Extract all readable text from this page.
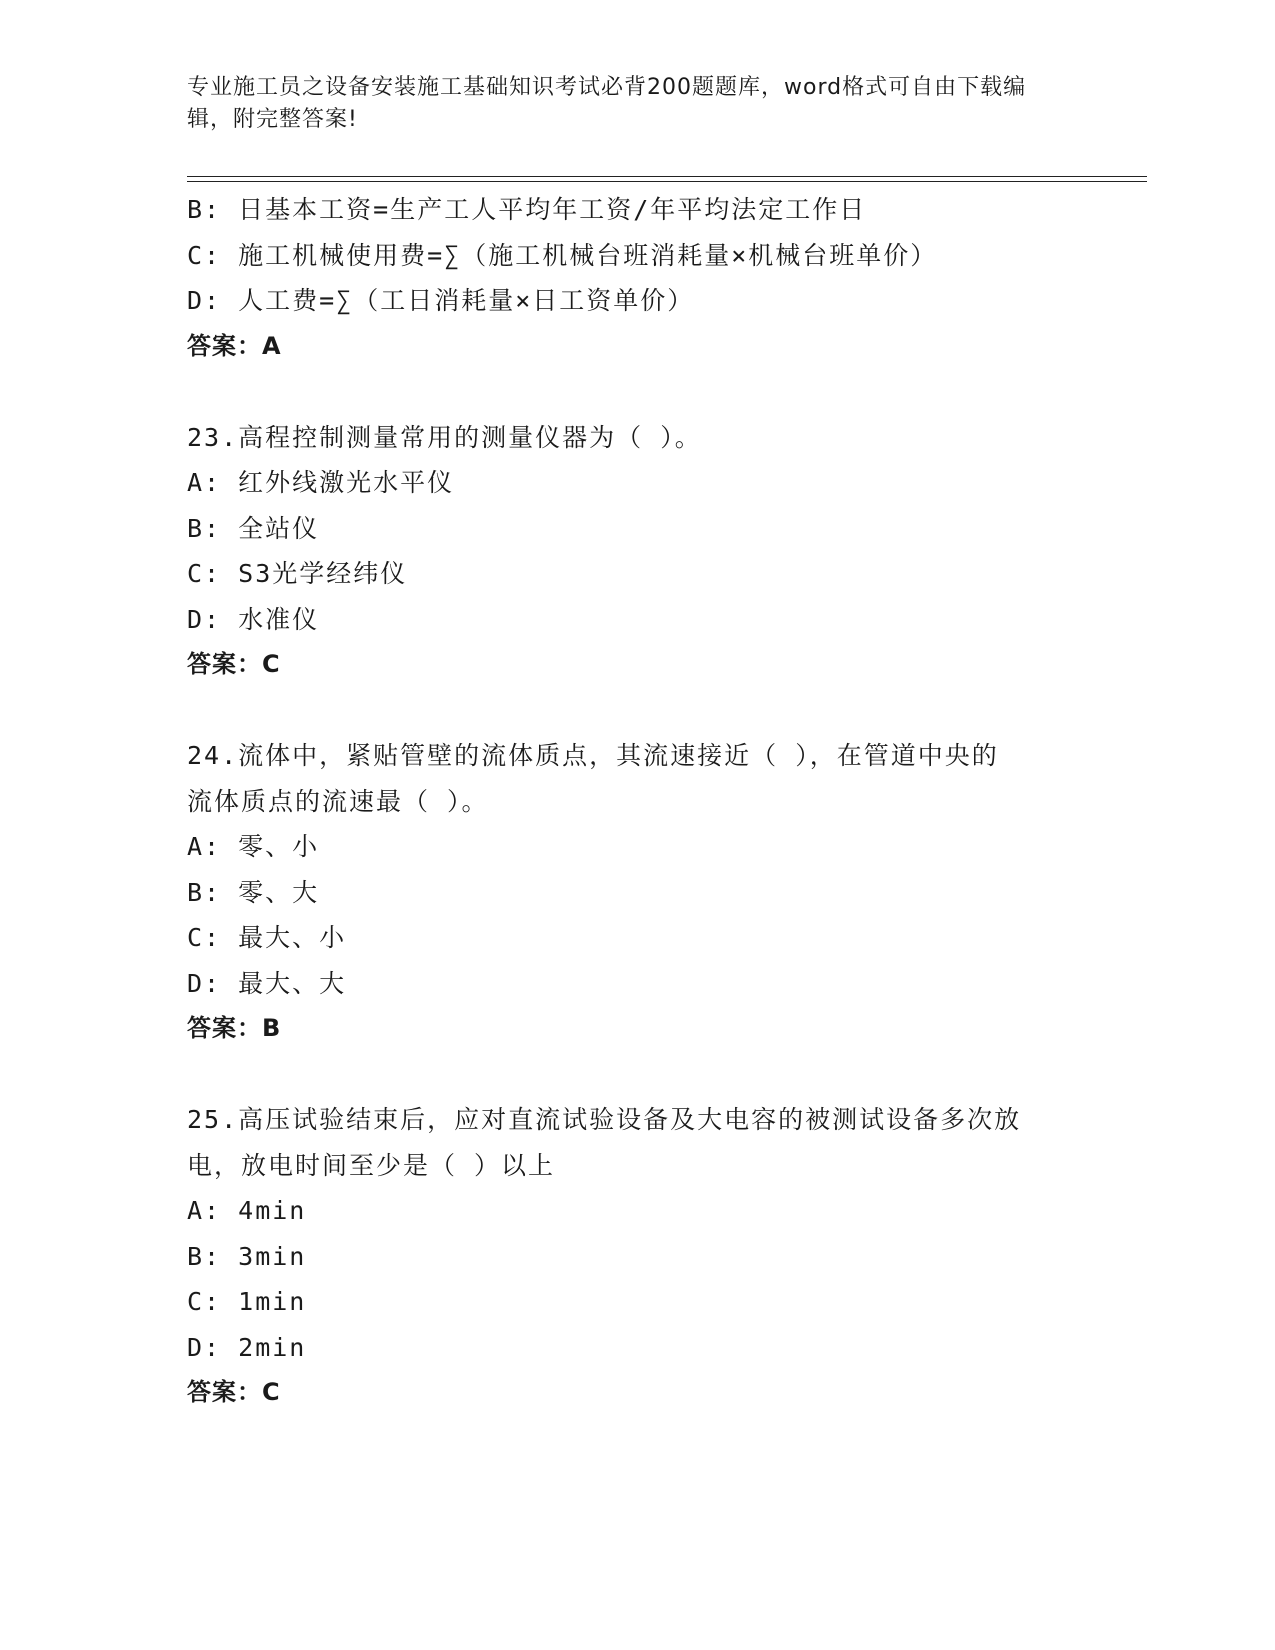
专业施工员之设备安装施工基础知识考试必背200题题库，word格式可自由下载编辑，附完整答案!
B: 日基本工资=生产工人平均年工资/年平均法定工作日
C: 施工机械使用费=∑（施工机械台班消耗量×机械台班单价）
D: 人工费=∑（工日消耗量×日工资单价）
答案：A
23.高程控制测量常用的测量仪器为（ ）。
A: 红外线激光水平仪
B: 全站仪
C: S3光学经纬仪
D: 水准仪
答案：C
24.流体中，紧贴管壁的流体质点，其流速接近（ ），在管道中央的
流体质点的流速最（ ）。
A: 零、小
B: 零、大
C: 最大、小
D: 最大、大
答案：B
25.高压试验结束后，应对直流试验设备及大电容的被测试设备多次放
电，放电时间至少是（ ）以上
A: 4min
B: 3min
C: 1min
D: 2min
答案：C
